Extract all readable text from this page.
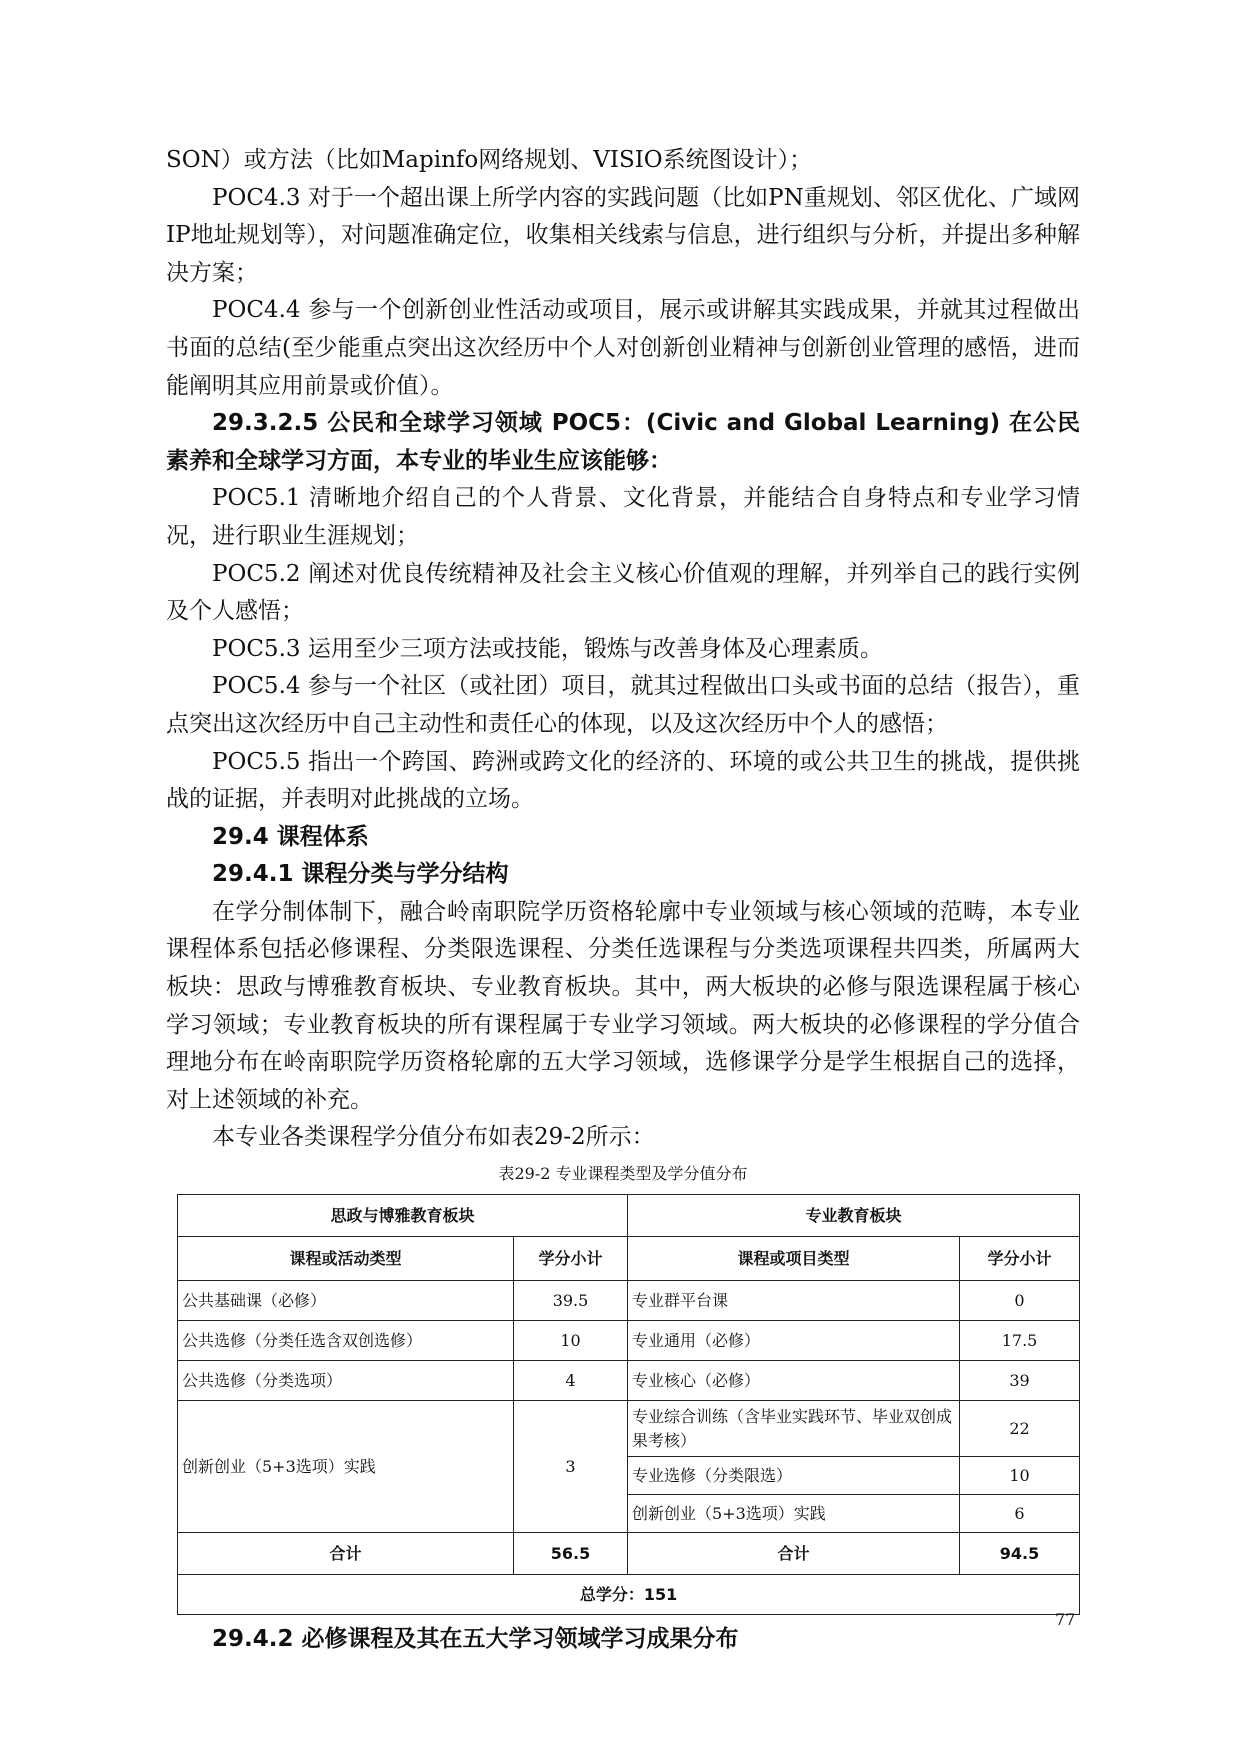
SON）或方法（比如Mapinfo网络规划、VISIO系统图设计）；

POC4.3 对于一个超出课上所学内容的实践问题（比如PN重规划、邻区优化、广域网IP地址规划等），对问题准确定位，收集相关线索与信息，进行组织与分析，并提出多种解决方案；

POC4.4 参与一个创新创业性活动或项目，展示或讲解其实践成果，并就其过程做出书面的总结(至少能重点突出这次经历中个人对创新创业精神与创新创业管理的感悟，进而能阐明其应用前景或价值）。

29.3.2.5 公民和全球学习领域 POC5：(Civic and Global Learning) 在公民素养和全球学习方面，本专业的毕业生应该能够：

POC5.1 清晰地介绍自己的个人背景、文化背景，并能结合自身特点和专业学习情况，进行职业生涯规划；

POC5.2 阐述对优良传统精神及社会主义核心价值观的理解，并列举自己的践行实例及个人感悟；

POC5.3 运用至少三项方法或技能，锻炼与改善身体及心理素质。

POC5.4 参与一个社区（或社团）项目，就其过程做出口头或书面的总结（报告），重点突出这次经历中自己主动性和责任心的体现，以及这次经历中个人的感悟；

POC5.5 指出一个跨国、跨洲或跨文化的经济的、环境的或公共卫生的挑战，提供挑战的证据，并表明对此挑战的立场。

29.4 课程体系

29.4.1 课程分类与学分结构

在学分制体制下，融合岭南职院学历资格轮廓中专业领域与核心领域的范畴，本专业课程体系包括必修课程、分类限选课程、分类任选课程与分类选项课程共四类，所属两大板块：思政与博雅教育板块、专业教育板块。其中，两大板块的必修与限选课程属于核心学习领域；专业教育板块的所有课程属于专业学习领域。两大板块的必修课程的学分值合理地分布在岭南职院学历资格轮廓的五大学习领域，选修课学分是学生根据自己的选择，对上述领域的补充。

本专业各类课程学分值分布如表29-2所示：

表29-2 专业课程类型及学分值分布
思政与博雅教育板块		专业教育板块	
课程或活动类型	学分小计	课程或项目类型	学分小计
公共基础课（必修）	39.5	专业群平台课	0
公共选修（分类任选含双创选修）	10	专业通用（必修）	17.5
公共选修（分类选项）	4	专业核心（必修）	39
创新创业（5+3选项）实践	3	专业综合训练（含毕业实践环节、毕业双创成果考核）	22
		专业选修（分类限选）	10
		创新创业（5+3选项）实践	6
合计	56.5	合计	94.5
总学分：151			

29.4.2 必修课程及其在五大学习领域学习成果分布

77
